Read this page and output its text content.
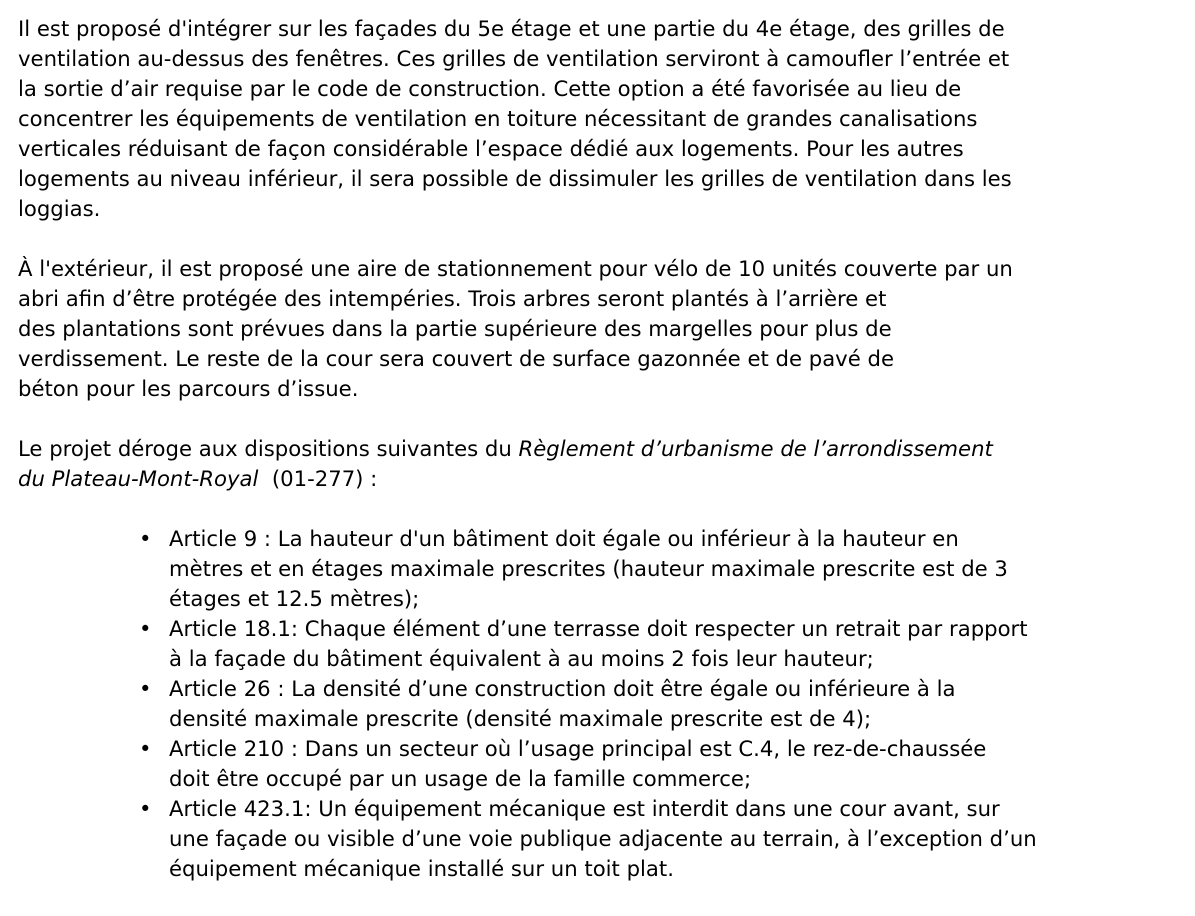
Il est proposé d'intégrer sur les façades du 5e étage et une partie du 4e étage, des grilles de
ventilation au-dessus des fenêtres. Ces grilles de ventilation serviront à camoufler l’entrée et
la sortie d’air requise par le code de construction. Cette option a été favorisée au lieu de
concentrer les équipements de ventilation en toiture nécessitant de grandes canalisations
verticales réduisant de façon considérable l’espace dédié aux logements. Pour les autres
logements au niveau inférieur, il sera possible de dissimuler les grilles de ventilation dans les
loggias.

À l'extérieur, il est proposé une aire de stationnement pour vélo de 10 unités couverte par un
abri afin d’être protégée des intempéries. Trois arbres seront plantés à l’arrière et
des plantations sont prévues dans la partie supérieure des margelles pour plus de
verdissement. Le reste de la cour sera couvert de surface gazonnée et de pavé de
béton pour les parcours d’issue.

Le projet déroge aux dispositions suivantes du Règlement d’urbanisme de l’arrondissement
du Plateau-Mont-Royal  (01-277) :

• Article 9 : La hauteur d'un bâtiment doit égale ou inférieur à la hauteur en
mètres et en étages maximale prescrites (hauteur maximale prescrite est de 3
étages et 12.5 mètres);
• Article 18.1: Chaque élément d’une terrasse doit respecter un retrait par rapport
à la façade du bâtiment équivalent à au moins 2 fois leur hauteur;
• Article 26 : La densité d’une construction doit être égale ou inférieure à la
densité maximale prescrite (densité maximale prescrite est de 4);
• Article 210 : Dans un secteur où l’usage principal est C.4, le rez-de-chaussée
doit être occupé par un usage de la famille commerce;
• Article 423.1: Un équipement mécanique est interdit dans une cour avant, sur
une façade ou visible d’une voie publique adjacente au terrain, à l’exception d’un
équipement mécanique installé sur un toit plat.
